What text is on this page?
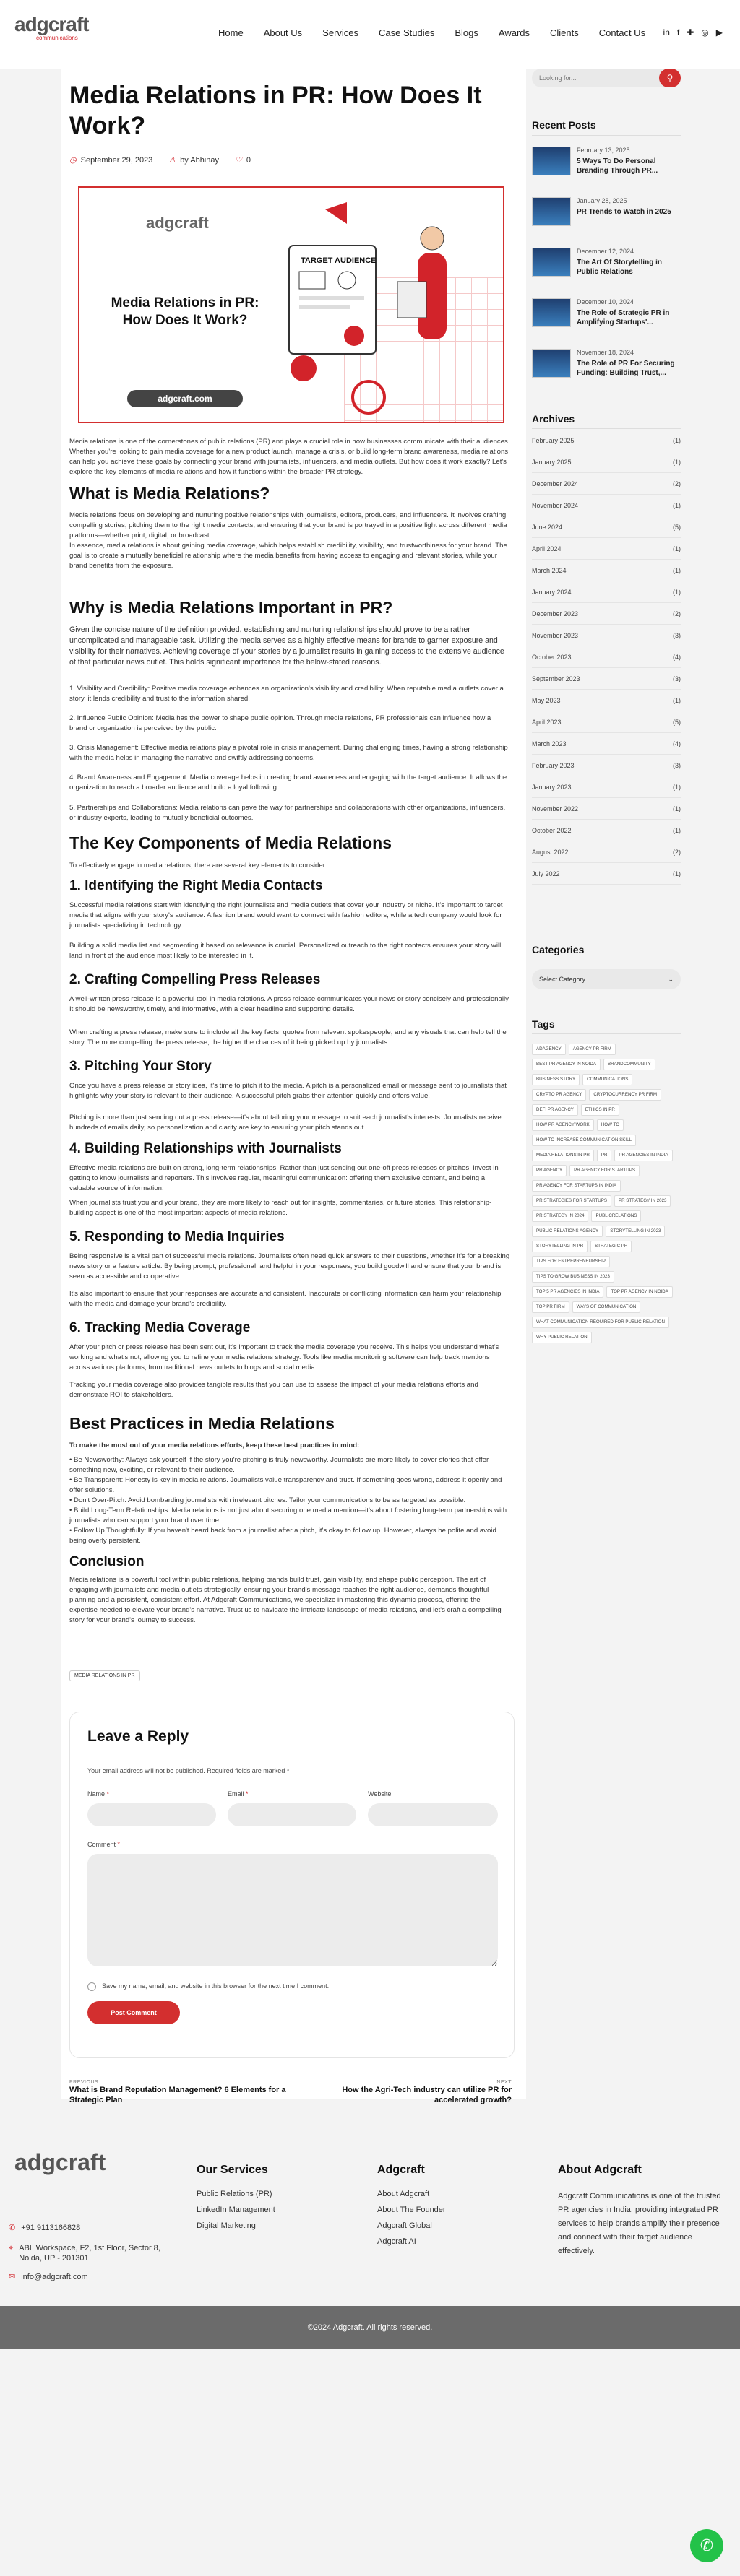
adgcraft
communications	Home About Us Services Case Studies Blogs Awards Clients Contact Us in f ✚ ◎ ▶
Looking for...
⚲
Media Relations in PR: How Does It Work?
◷ September 29, 2023 ♙ by Abhinay ♡ 0
adgcraft
Media Relations in PR: How Does It Work?
adgcraft.com
TARGET AUDIENCE

Media relations is one of the cornerstones of public relations (PR) and plays a crucial role in how businesses communicate with their audiences. Whether you're looking to gain media coverage for a new product launch, manage a crisis, or build long-term brand awareness, media relations can help you achieve these goals by connecting your brand with journalists, influencers, and media outlets. But how does it work exactly? Let's explore the key elements of media relations and how it functions within the broader PR strategy.

What is Media Relations?

Media relations focus on developing and nurturing positive relationships with journalists, editors, producers, and influencers. It involves crafting compelling stories, pitching them to the right media contacts, and ensuring that your brand is portrayed in a positive light across different media platforms—whether print, digital, or broadcast.

In essence, media relations is about gaining media coverage, which helps establish credibility, visibility, and trustworthiness for your brand. The goal is to create a mutually beneficial relationship where the media benefits from having access to engaging and relevant stories, while your brand benefits from the exposure.

Why is Media Relations Important in PR?

Given the concise nature of the definition provided, establishing and nurturing relationships should prove to be a rather uncomplicated and manageable task. Utilizing the media serves as a highly effective means for brands to garner exposure and visibility for their narratives. Achieving coverage of your stories by a journalist results in gaining access to the extensive audience of that particular news outlet. This holds significant importance for the below-stated reasons.

1. Visibility and Credibility: Positive media coverage enhances an organization's visibility and credibility. When reputable media outlets cover a story, it lends credibility and trust to the information shared.

2. Influence Public Opinion: Media has the power to shape public opinion. Through media relations, PR professionals can influence how a brand or organization is perceived by the public.

3. Crisis Management: Effective media relations play a pivotal role in crisis management. During challenging times, having a strong relationship with the media helps in managing the narrative and swiftly addressing concerns.

4. Brand Awareness and Engagement: Media coverage helps in creating brand awareness and engaging with the target audience. It allows the organization to reach a broader audience and build a loyal following.

5. Partnerships and Collaborations: Media relations can pave the way for partnerships and collaborations with other organizations, influencers, or industry experts, leading to mutually beneficial outcomes.

The Key Components of Media Relations

To effectively engage in media relations, there are several key elements to consider:

1. Identifying the Right Media Contacts

Successful media relations start with identifying the right journalists and media outlets that cover your industry or niche. It's important to target media that aligns with your story's audience. A fashion brand would want to connect with fashion editors, while a tech company would look for journalists specializing in technology.

Building a solid media list and segmenting it based on relevance is crucial. Personalized outreach to the right contacts ensures your story will land in front of the audience most likely to be interested in it.

2. Crafting Compelling Press Releases

A well-written press release is a powerful tool in media relations. A press release communicates your news or story concisely and professionally. It should be newsworthy, timely, and informative, with a clear headline and supporting details.

When crafting a press release, make sure to include all the key facts, quotes from relevant spokespeople, and any visuals that can help tell the story. The more compelling the press release, the higher the chances of it being picked up by journalists.

3. Pitching Your Story

Once you have a press release or story idea, it's time to pitch it to the media. A pitch is a personalized email or message sent to journalists that highlights why your story is relevant to their audience. A successful pitch grabs their attention quickly and offers value.

Pitching is more than just sending out a press release—it's about tailoring your message to suit each journalist's interests. Journalists receive hundreds of emails daily, so personalization and clarity are key to ensuring your pitch stands out.

4. Building Relationships with Journalists

Effective media relations are built on strong, long-term relationships. Rather than just sending out one-off press releases or pitches, invest in getting to know journalists and reporters. This involves regular, meaningful communication: offering them exclusive content, and being a valuable source of information.

When journalists trust you and your brand, they are more likely to reach out for insights, commentaries, or future stories. This relationship-building aspect is one of the most important aspects of media relations.

5. Responding to Media Inquiries

Being responsive is a vital part of successful media relations. Journalists often need quick answers to their questions, whether it's for a breaking news story or a feature article. By being prompt, professional, and helpful in your responses, you build goodwill and ensure that your brand is seen as accessible and cooperative.

It's also important to ensure that your responses are accurate and consistent. Inaccurate or conflicting information can harm your relationship with the media and damage your brand's credibility.

6. Tracking Media Coverage

After your pitch or press release has been sent out, it's important to track the media coverage you receive. This helps you understand what's working and what's not, allowing you to refine your media relations strategy. Tools like media monitoring software can help track mentions across various platforms, from traditional news outlets to blogs and social media.

Tracking your media coverage also provides tangible results that you can use to assess the impact of your media relations efforts and demonstrate ROI to stakeholders.

Best Practices in Media Relations

To make the most out of your media relations efforts, keep these best practices in mind:

• Be Newsworthy: Always ask yourself if the story you're pitching is truly newsworthy. Journalists are more likely to cover stories that offer something new, exciting, or relevant to their audience.

• Be Transparent: Honesty is key in media relations. Journalists value transparency and trust. If something goes wrong, address it openly and offer solutions.

• Don't Over-Pitch: Avoid bombarding journalists with irrelevant pitches. Tailor your communications to be as targeted as possible.

• Build Long-Term Relationships: Media relations is not just about securing one media mention—it's about fostering long-term partnerships with journalists who can support your brand over time.

• Follow Up Thoughtfully: If you haven't heard back from a journalist after a pitch, it's okay to follow up. However, always be polite and avoid being overly persistent.

Conclusion

Media relations is a powerful tool within public relations, helping brands build trust, gain visibility, and shape public perception. The art of engaging with journalists and media outlets strategically, ensuring your brand's message reaches the right audience, demands thoughtful planning and a persistent, consistent effort. At Adgcraft Communications, we specialize in mastering this dynamic process, offering the expertise needed to elevate your brand's narrative. Trust us to navigate the intricate landscape of media relations, and let's craft a compelling story for your brand's journey to success.

MEDIA RELATIONS IN PR
Leave a Reply

Your email address will not be published. Required fields are marked *

Name *	Email *	Website
Comment *
Save my name, email, and website in this browser for the next time I comment.
Post Comment
PREVIOUS
What is Brand Reputation Management? 6 Elements for a Strategic Plan
NEXT
How the Agri-Tech industry can utilize PR for accelerated growth?
Recent Posts
February 13, 2025
5 Ways To Do Personal Branding Through PR...
January 28, 2025
PR Trends to Watch in 2025
December 12, 2024
The Art Of Storytelling in Public Relations
December 10, 2024
The Role of Strategic PR in Amplifying Startups'...
November 18, 2024
The Role of PR For Securing Funding: Building Trust,...
Archives
February 2025	(1)
January 2025	(1)
December 2024	(2)
November 2024	(1)
June 2024	(5)
April 2024	(1)
March 2024	(1)
January 2024	(1)
December 2023	(2)
November 2023	(3)
October 2023	(4)
September 2023	(3)
May 2023	(1)
April 2023	(5)
March 2023	(4)
February 2023	(3)
January 2023	(1)
November 2022	(1)
October 2022	(1)
August 2022	(2)
July 2022	(1)
Categories
Select Category	⌄
Tags
ADAGENCY	AGENCY PR FIRM
BEST PR AGENCY IN NOIDA	BRANDCOMMUNITY
BUSINESS STORY	COMMUNICATIONS
CRYPTO PR AGENCY	CRYPTOCURRENCY PR FIRM
DEFI PR AGENCY	ETHICS IN PR
HOW PR AGENCY WORK	HOW TO
HOW TO INCREASE COMMUNICATION SKILL
MEDIA RELATIONS IN PR	PR	PR AGENCIES IN INDIA
PR AGENCY	PR AGENCY FOR STARTUPS
PR AGENCY FOR STARTUPS IN INDIA
PR STRATEGIES FOR STARTUPS	PR STRATEGY IN 2023
PR STRATEGY IN 2024	PUBLICRELATIONS
PUBLIC RELATIONS AGENCY	STORYTELLING IN 2023
STORYTELLING IN PR	STRATEGIC PR
TIPS FOR ENTREPRENEURSHIP
TIPS TO GROW BUSINESS IN 2023
TOP 5 PR AGENCIES IN INDIA	TOP PR AGENCY IN NOIDA
TOP PR FIRM	WAYS OF COMMUNICATION
WHAT COMMUNICATION REQUIRED FOR PUBLIC RELATION
WHY PUBLIC RELATION
adgcraft
✆ +91 9113166828
⌖ ABL Workspace, F2, 1st Floor, Sector 8, Noida, UP - 201301
✉ info@adgcraft.com
Our Services
Public Relations (PR)
LinkedIn Management
Digital Marketing
Adgcraft
About Adgcraft
About The Founder
Adgcraft Global
Adgcraft AI
About Adgcraft

Adgcraft Communications is one of the trusted PR agencies in India, providing integrated PR services to help brands amplify their presence and connect with their target audience effectively.

©2024 Adgcraft. All rights reserved.
✆
